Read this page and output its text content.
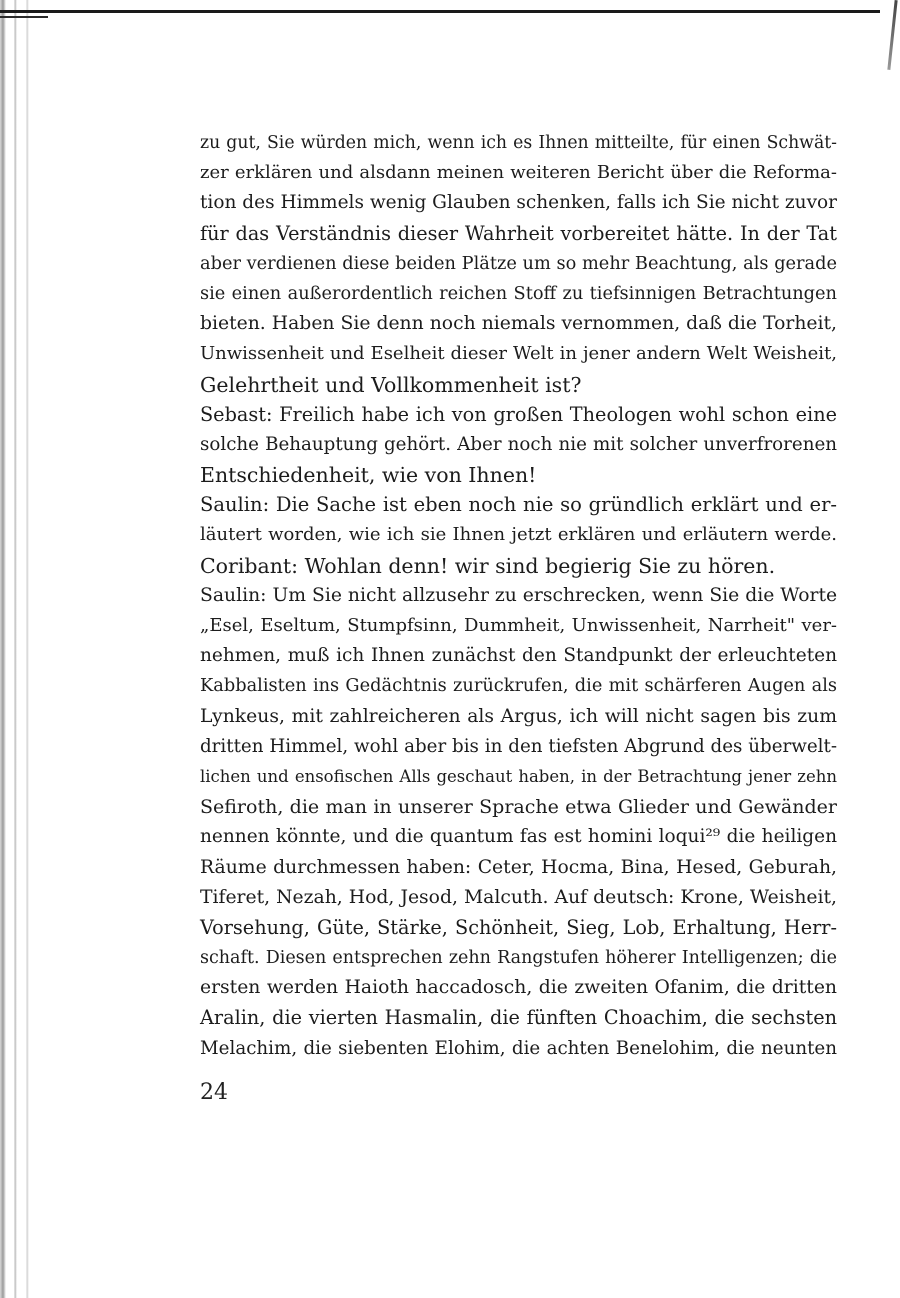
zu gut, Sie würden mich, wenn ich es Ihnen mitteilte, für einen Schwät-
zer erklären und alsdann meinen weiteren Bericht über die Reforma-
tion des Himmels wenig Glauben schenken, falls ich Sie nicht zuvor
für das Verständnis dieser Wahrheit vorbereitet hätte. In der Tat
aber verdienen diese beiden Plätze um so mehr Beachtung, als gerade
sie einen außerordentlich reichen Stoff zu tiefsinnigen Betrachtungen
bieten. Haben Sie denn noch niemals vernommen, daß die Torheit,
Unwissenheit und Eselheit dieser Welt in jener andern Welt Weisheit,
Gelehrtheit und Vollkommenheit ist?
Sebast: Freilich habe ich von großen Theologen wohl schon eine
solche Behauptung gehört. Aber noch nie mit solcher unverfrorenen
Entschiedenheit, wie von Ihnen!
Saulin: Die Sache ist eben noch nie so gründlich erklärt und er-
läutert worden, wie ich sie Ihnen jetzt erklären und erläutern werde.
Coribant: Wohlan denn! wir sind begierig Sie zu hören.
Saulin: Um Sie nicht allzusehr zu erschrecken, wenn Sie die Worte
„Esel, Eseltum, Stumpfsinn, Dummheit, Unwissenheit, Narrheit" ver-
nehmen, muß ich Ihnen zunächst den Standpunkt der erleuchteten
Kabbalisten ins Gedächtnis zurückrufen, die mit schärferen Augen als
Lynkeus, mit zahlreicheren als Argus, ich will nicht sagen bis zum
dritten Himmel, wohl aber bis in den tiefsten Abgrund des überwelt-
lichen und ensofischen Alls geschaut haben, in der Betrachtung jener zehn
Sefiroth, die man in unserer Sprache etwa Glieder und Gewänder
nennen könnte, und die quantum fas est homini loqui²⁹ die heiligen
Räume durchmessen haben: Ceter, Hocma, Bina, Hesed, Geburah,
Tiferet, Nezah, Hod, Jesod, Malcuth. Auf deutsch: Krone, Weisheit,
Vorsehung, Güte, Stärke, Schönheit, Sieg, Lob, Erhaltung, Herr-
schaft. Diesen entsprechen zehn Rangstufen höherer Intelligenzen; die
ersten werden Haioth haccadosch, die zweiten Ofanim, die dritten
Aralin, die vierten Hasmalin, die fünften Choachim, die sechsten
Melachim, die siebenten Elohim, die achten Benelohim, die neunten
24
